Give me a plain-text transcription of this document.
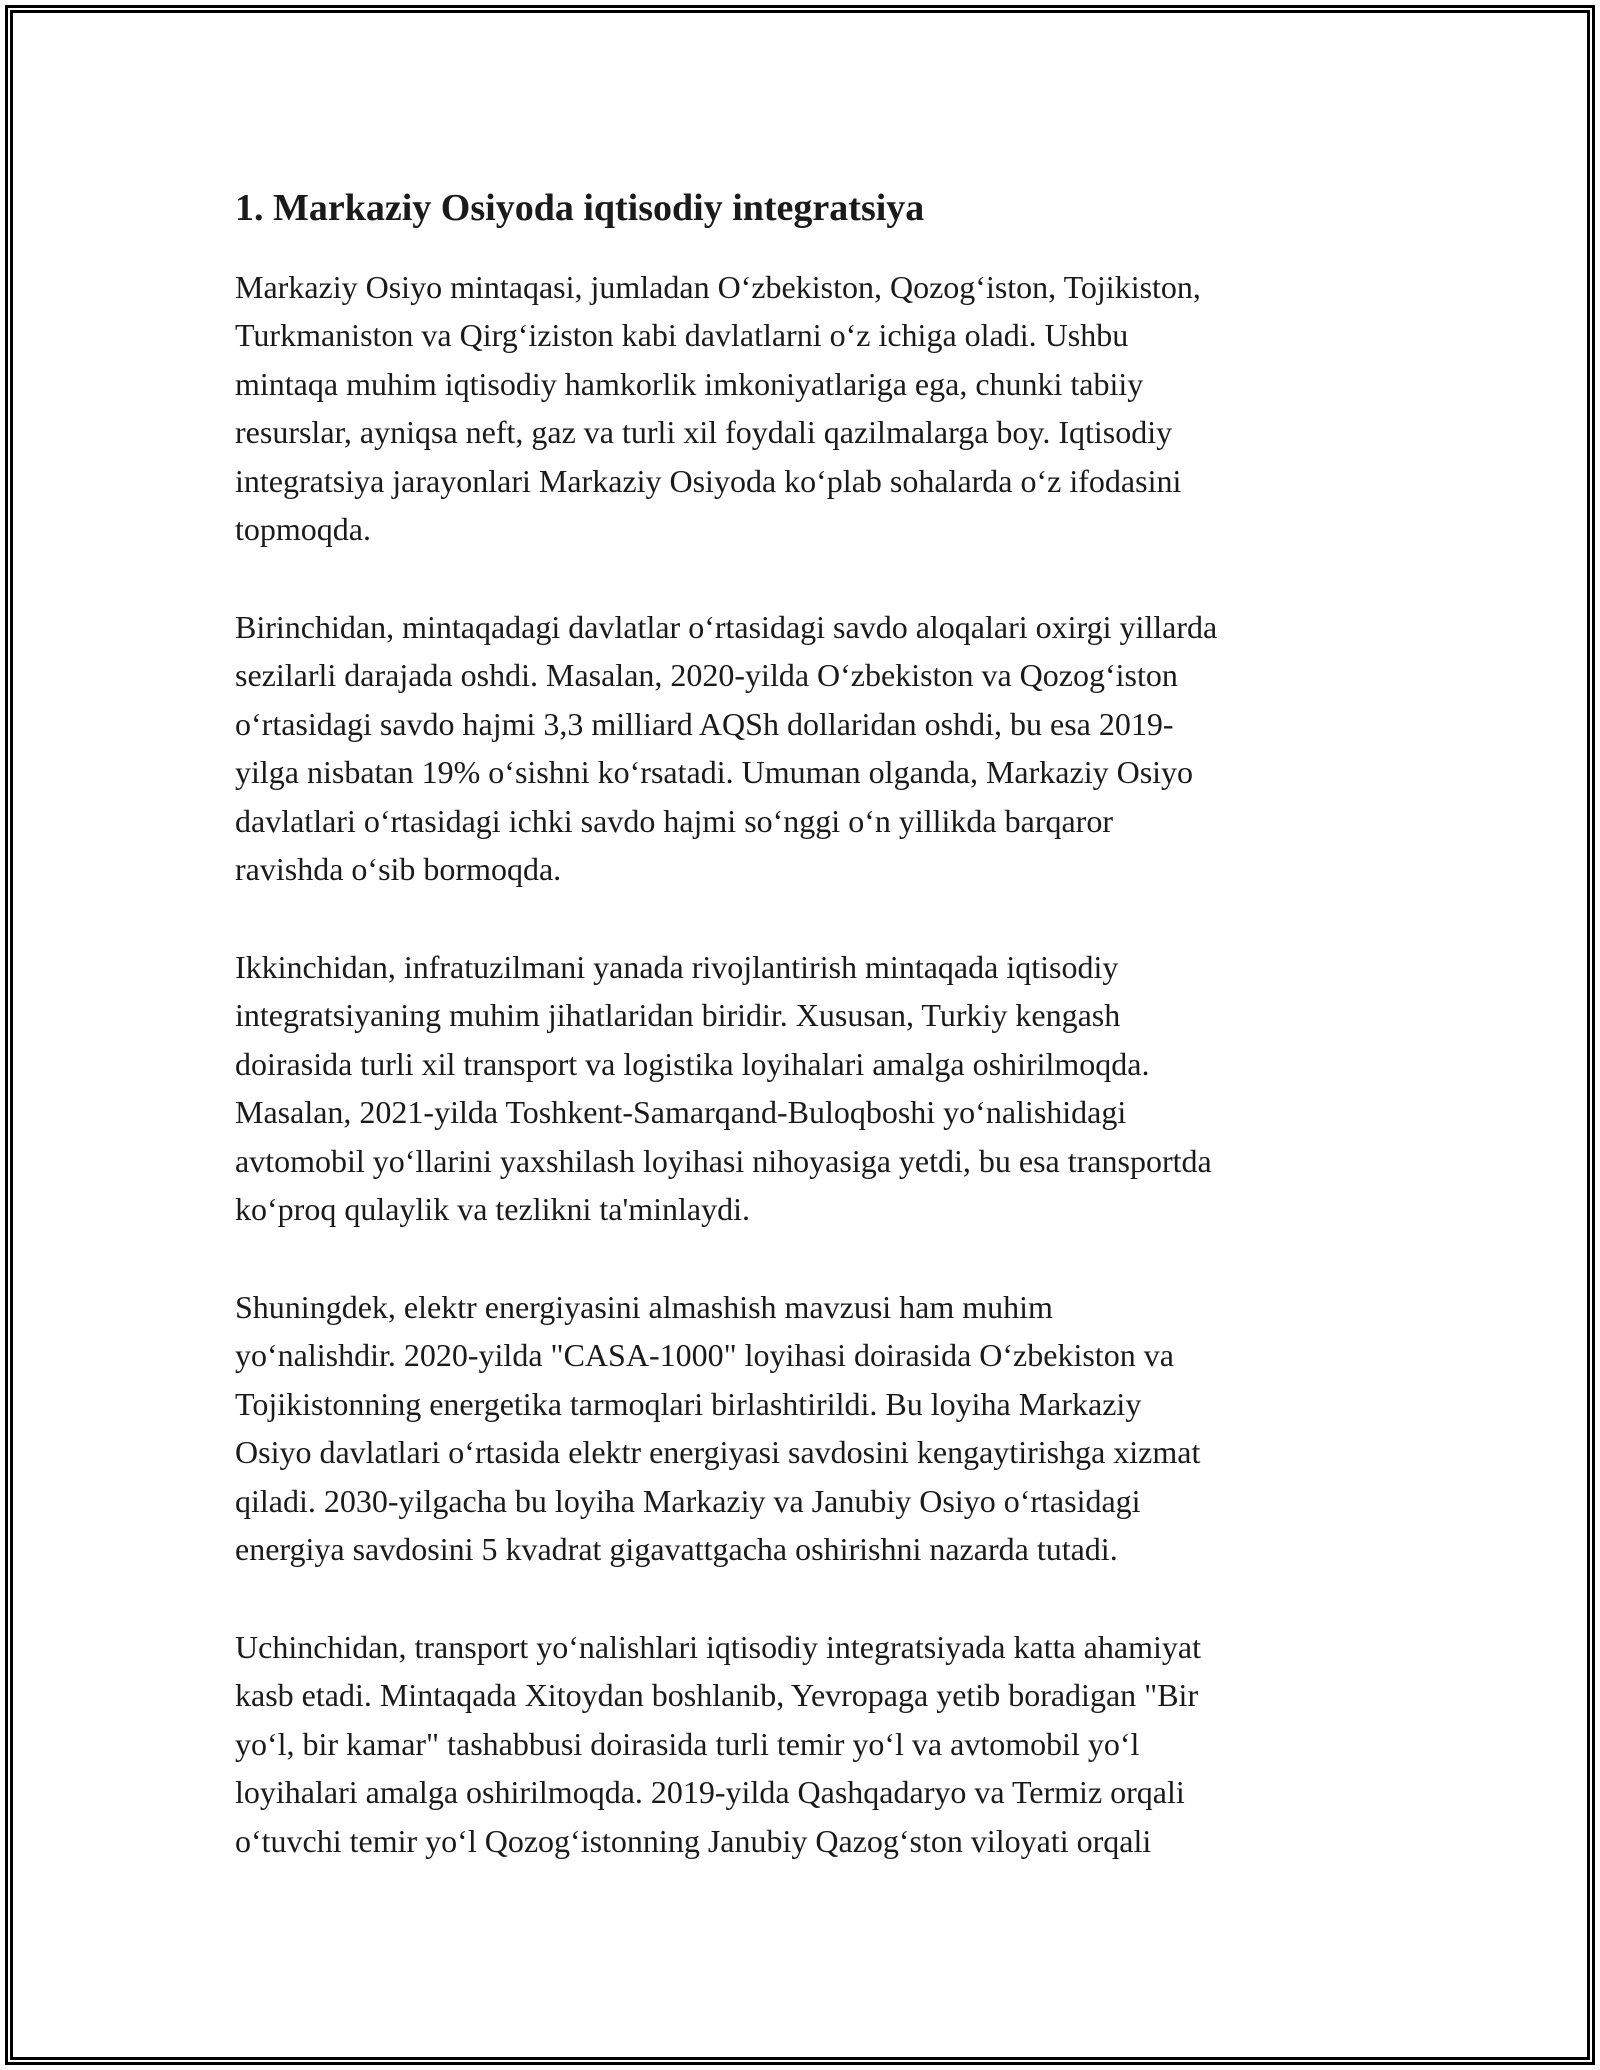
1. Markaziy Osiyoda iqtisodiy integratsiya

Markaziy Osiyo mintaqasi, jumladan O‘zbekiston, Qozog‘iston, Tojikiston,
Turkmaniston va Qirg‘iziston kabi davlatlarni o‘z ichiga oladi. Ushbu
mintaqa muhim iqtisodiy hamkorlik imkoniyatlariga ega, chunki tabiiy
resurslar, ayniqsa neft, gaz va turli xil foydali qazilmalarga boy. Iqtisodiy
integratsiya jarayonlari Markaziy Osiyoda ko‘plab sohalarda o‘z ifodasini
topmoqda.

Birinchidan, mintaqadagi davlatlar o‘rtasidagi savdo aloqalari oxirgi yillarda
sezilarli darajada oshdi. Masalan, 2020-yilda O‘zbekiston va Qozog‘iston
o‘rtasidagi savdo hajmi 3,3 milliard AQSh dollaridan oshdi, bu esa 2019-
yilga nisbatan 19% o‘sishni ko‘rsatadi. Umuman olganda, Markaziy Osiyo
davlatlari o‘rtasidagi ichki savdo hajmi so‘nggi o‘n yillikda barqaror
ravishda o‘sib bormoqda.

Ikkinchidan, infratuzilmani yanada rivojlantirish mintaqada iqtisodiy
integratsiyaning muhim jihatlaridan biridir. Xususan, Turkiy kengash
doirasida turli xil transport va logistika loyihalari amalga oshirilmoqda.
Masalan, 2021-yilda Toshkent-Samarqand-Buloqboshi yo‘nalishidagi
avtomobil yo‘llarini yaxshilash loyihasi nihoyasiga yetdi, bu esa transportda
ko‘proq qulaylik va tezlikni ta'minlaydi.

Shuningdek, elektr energiyasini almashish mavzusi ham muhim
yo‘nalishdir. 2020-yilda "CASA-1000" loyihasi doirasida O‘zbekiston va
Tojikistonning energetika tarmoqlari birlashtirildi. Bu loyiha Markaziy
Osiyo davlatlari o‘rtasida elektr energiyasi savdosini kengaytirishga xizmat
qiladi. 2030-yilgacha bu loyiha Markaziy va Janubiy Osiyo o‘rtasidagi
energiya savdosini 5 kvadrat gigavattgacha oshirishni nazarda tutadi.

Uchinchidan, transport yo‘nalishlari iqtisodiy integratsiyada katta ahamiyat
kasb etadi. Mintaqada Xitoydan boshlanib, Yevropaga yetib boradigan "Bir
yo‘l, bir kamar" tashabbusi doirasida turli temir yo‘l va avtomobil yo‘l
loyihalari amalga oshirilmoqda. 2019-yilda Qashqadaryo va Termiz orqali
o‘tuvchi temir yo‘l Qozog‘istonning Janubiy Qazog‘ston viloyati orqali
